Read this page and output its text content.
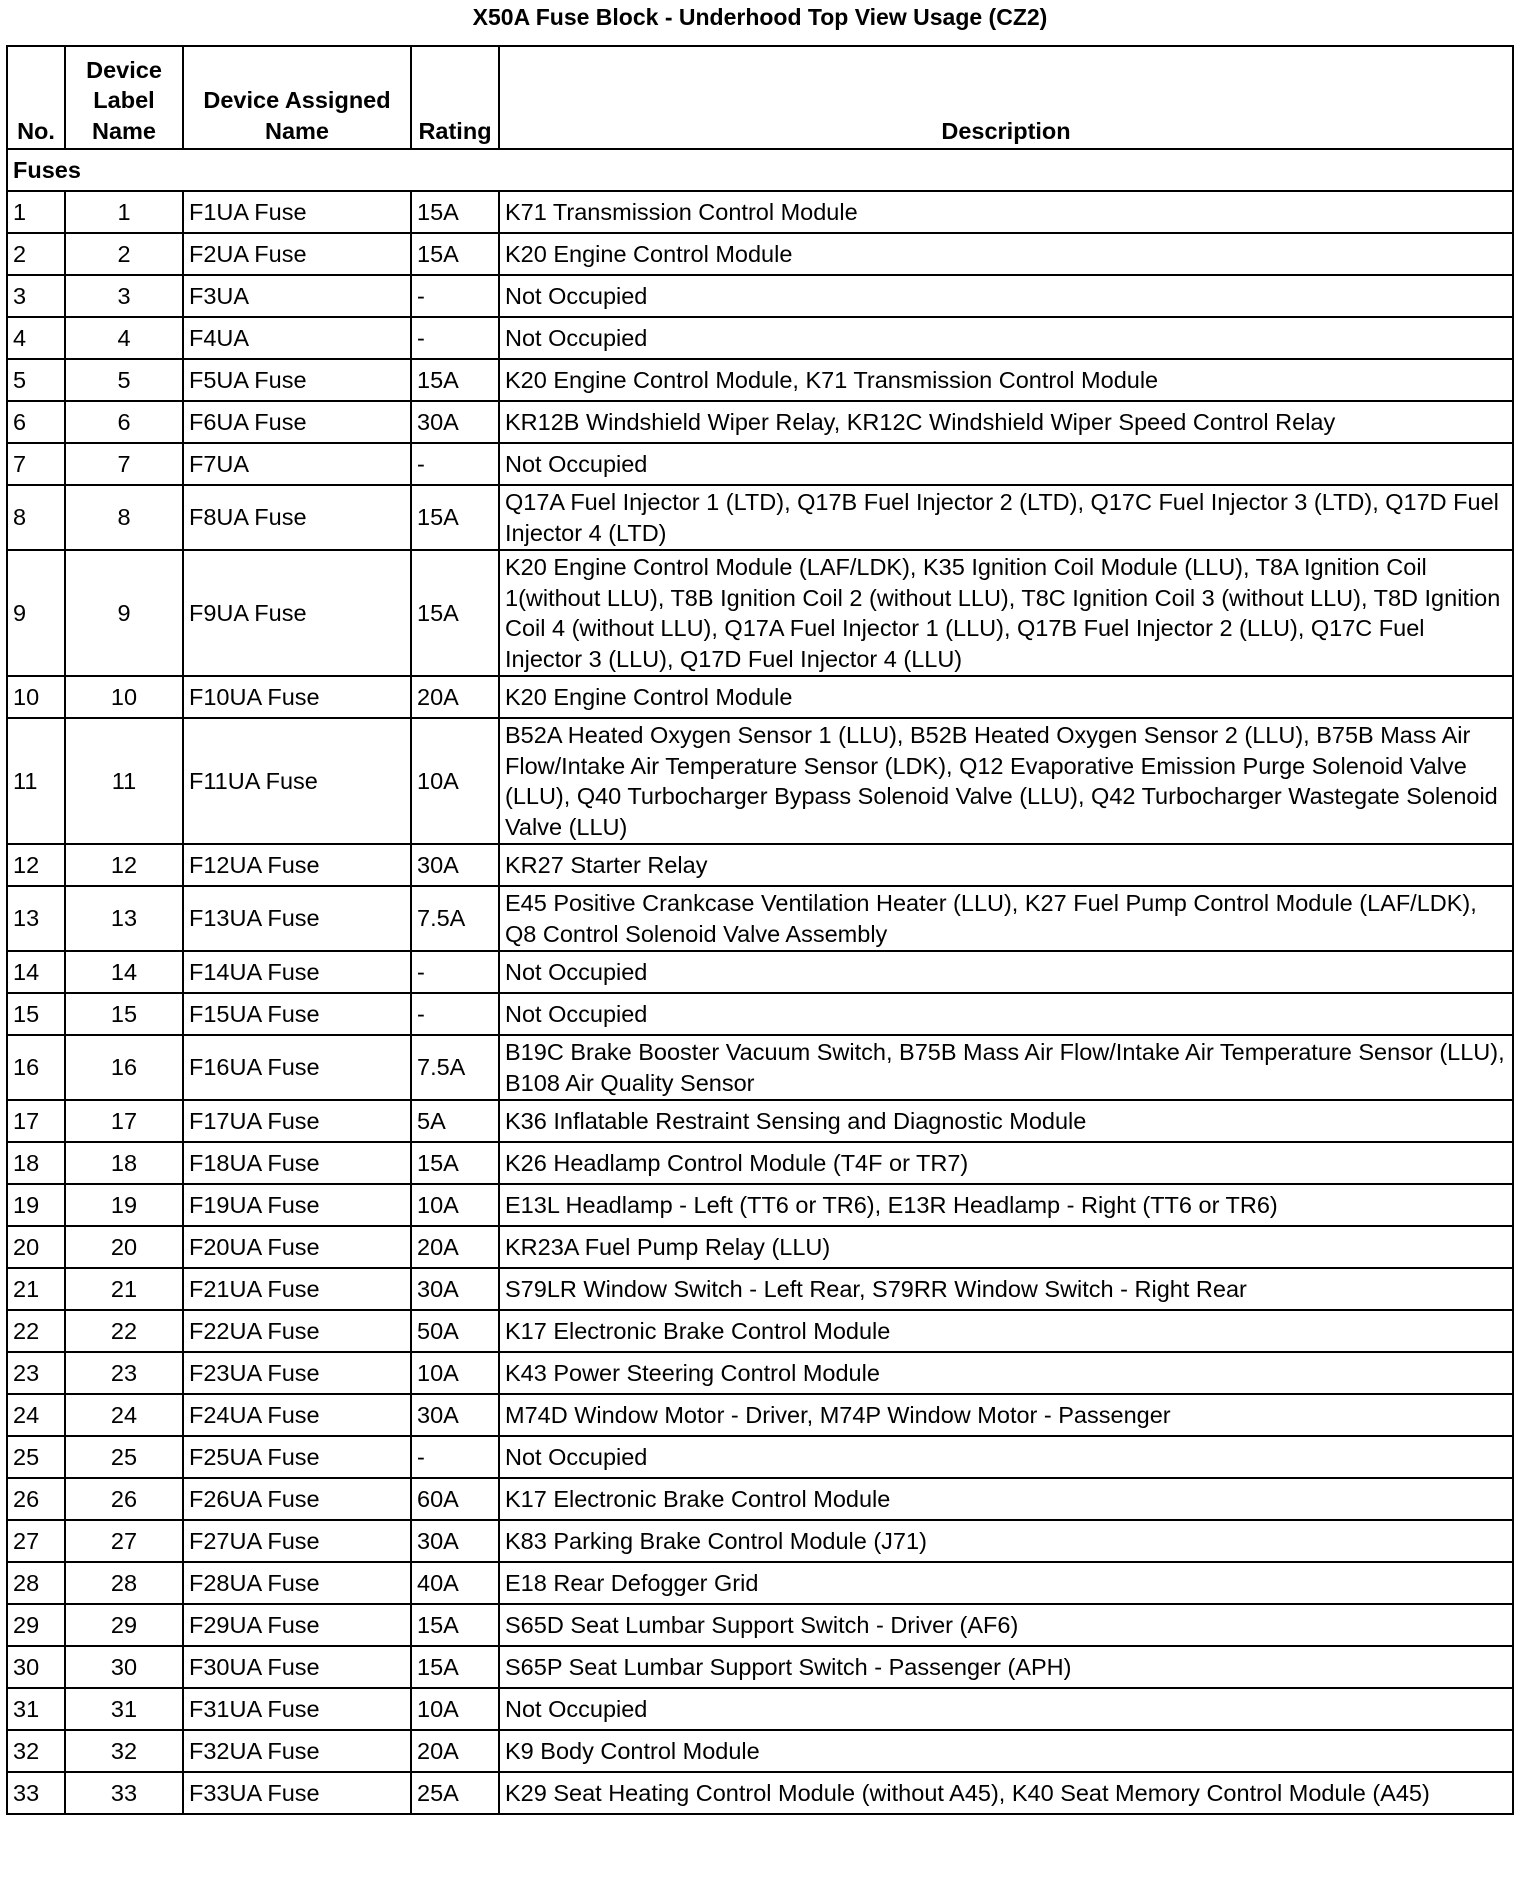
X50A Fuse Block - Underhood Top View Usage (CZ2)
No.	Device Label Name	Device Assigned Name	Rating	Description
Fuses				
1	1	F1UA Fuse	15A	K71 Transmission Control Module
2	2	F2UA Fuse	15A	K20 Engine Control Module
3	3	F3UA	-	Not Occupied
4	4	F4UA	-	Not Occupied
5	5	F5UA Fuse	15A	K20 Engine Control Module, K71 Transmission Control Module
6	6	F6UA Fuse	30A	KR12B Windshield Wiper Relay, KR12C Windshield Wiper Speed Control Relay
7	7	F7UA	-	Not Occupied
8	8	F8UA Fuse	15A	Q17A Fuel Injector 1 (LTD), Q17B Fuel Injector 2 (LTD), Q17C Fuel Injector 3 (LTD), Q17D Fuel Injector 4 (LTD)
9	9	F9UA Fuse	15A	K20 Engine Control Module (LAF/LDK), K35 Ignition Coil Module (LLU), T8A Ignition Coil 1(without LLU), T8B Ignition Coil 2 (without LLU), T8C Ignition Coil 3 (without LLU), T8D Ignition Coil 4 (without LLU), Q17A Fuel Injector 1 (LLU), Q17B Fuel Injector 2 (LLU), Q17C Fuel Injector 3 (LLU), Q17D Fuel Injector 4 (LLU)
10	10	F10UA Fuse	20A	K20 Engine Control Module
11	11	F11UA Fuse	10A	B52A Heated Oxygen Sensor 1 (LLU), B52B Heated Oxygen Sensor 2 (LLU), B75B Mass Air Flow/Intake Air Temperature Sensor (LDK), Q12 Evaporative Emission Purge Solenoid Valve (LLU), Q40 Turbocharger Bypass Solenoid Valve (LLU), Q42 Turbocharger Wastegate Solenoid Valve (LLU)
12	12	F12UA Fuse	30A	KR27 Starter Relay
13	13	F13UA Fuse	7.5A	E45 Positive Crankcase Ventilation Heater (LLU), K27 Fuel Pump Control Module (LAF/LDK), Q8 Control Solenoid Valve Assembly
14	14	F14UA Fuse	-	Not Occupied
15	15	F15UA Fuse	-	Not Occupied
16	16	F16UA Fuse	7.5A	B19C Brake Booster Vacuum Switch, B75B Mass Air Flow/Intake Air Temperature Sensor (LLU), B108 Air Quality Sensor
17	17	F17UA Fuse	5A	K36 Inflatable Restraint Sensing and Diagnostic Module
18	18	F18UA Fuse	15A	K26 Headlamp Control Module (T4F or TR7)
19	19	F19UA Fuse	10A	E13L Headlamp - Left (TT6 or TR6), E13R Headlamp - Right (TT6 or TR6)
20	20	F20UA Fuse	20A	KR23A Fuel Pump Relay (LLU)
21	21	F21UA Fuse	30A	S79LR Window Switch - Left Rear, S79RR Window Switch - Right Rear
22	22	F22UA Fuse	50A	K17 Electronic Brake Control Module
23	23	F23UA Fuse	10A	K43 Power Steering Control Module
24	24	F24UA Fuse	30A	M74D Window Motor - Driver, M74P Window Motor - Passenger
25	25	F25UA Fuse	-	Not Occupied
26	26	F26UA Fuse	60A	K17 Electronic Brake Control Module
27	27	F27UA Fuse	30A	K83 Parking Brake Control Module (J71)
28	28	F28UA Fuse	40A	E18 Rear Defogger Grid
29	29	F29UA Fuse	15A	S65D Seat Lumbar Support Switch - Driver (AF6)
30	30	F30UA Fuse	15A	S65P Seat Lumbar Support Switch - Passenger (APH)
31	31	F31UA Fuse	10A	Not Occupied
32	32	F32UA Fuse	20A	K9 Body Control Module
33	33	F33UA Fuse	25A	K29 Seat Heating Control Module (without A45), K40 Seat Memory Control Module (A45)
